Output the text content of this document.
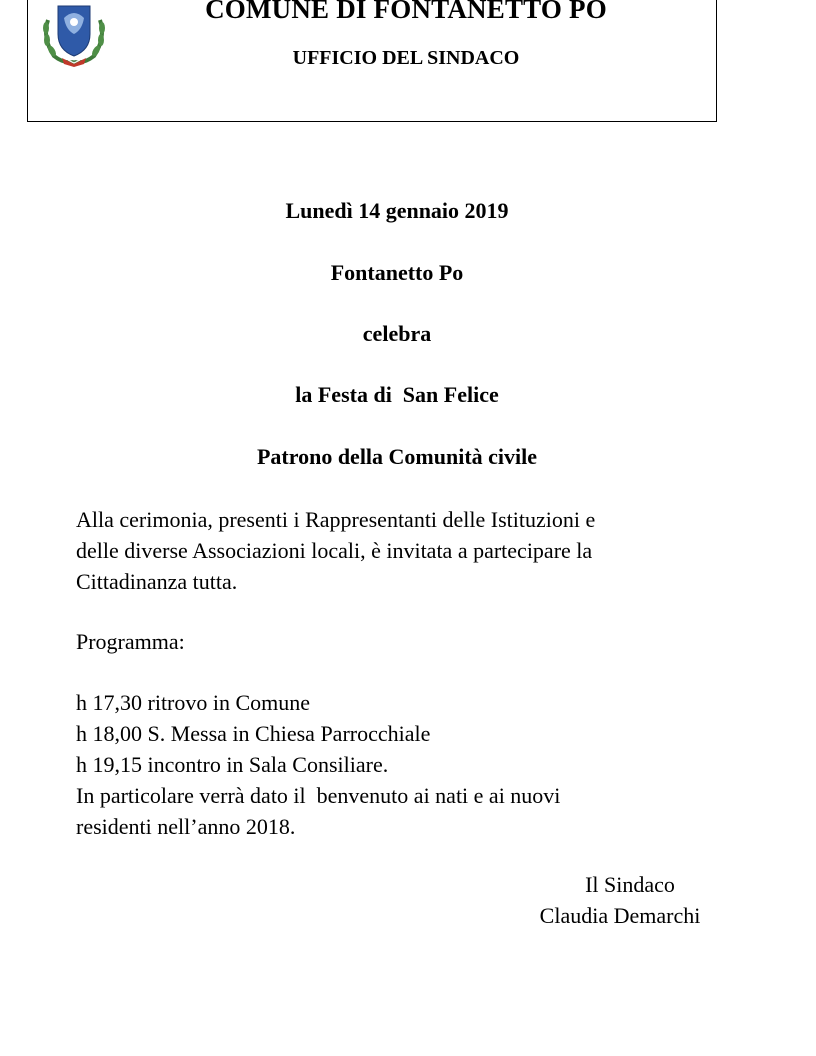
COMUNE DI FONTANETTO PO
UFFICIO DEL SINDACO
Lunedì 14 gennaio 2019
Fontanetto Po
celebra
la Festa di  San Felice
Patrono della Comunità civile
Alla cerimonia, presenti i Rappresentanti delle Istituzioni e
delle diverse Associazioni locali, è invitata a partecipare la
Cittadinanza tutta.
Programma:
h 17,30 ritrovo in Comune
h 18,00 S. Messa in Chiesa Parrocchiale
h 19,15 incontro in Sala Consiliare.
In particolare verrà dato il  benvenuto ai nati e ai nuovi
residenti nell’anno 2018.
Il Sindaco
Claudia Demarchi
